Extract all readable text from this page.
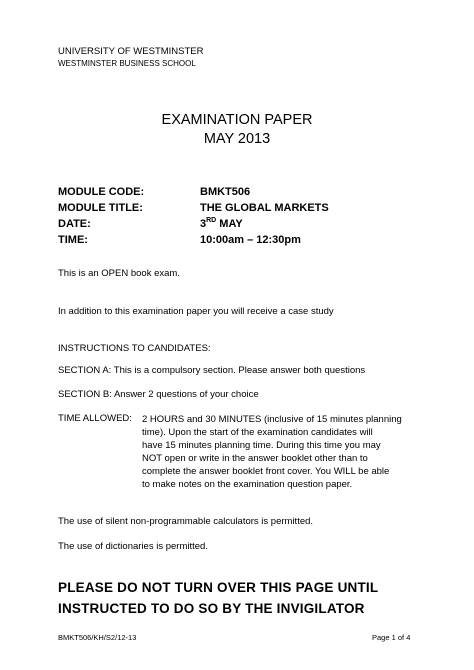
UNIVERSITY OF WESTMINSTER
WESTMINSTER BUSINESS SCHOOL
EXAMINATION PAPER
MAY 2013
MODULE CODE:	BMKT506
MODULE TITLE:	THE GLOBAL MARKETS
DATE:	3RD MAY
TIME:	10:00am – 12:30pm
This is an OPEN book exam.
In addition to this examination paper you will receive a case study
INSTRUCTIONS TO CANDIDATES:
SECTION A: This is a compulsory section. Please answer both questions
SECTION B: Answer 2 questions of your choice
TIME ALLOWED: 2 HOURS and 30 MINUTES (inclusive of 15 minutes planning
time). Upon the start of the examination candidates will
have 15 minutes planning time. During this time you may
NOT open or write in the answer booklet other than to
complete the answer booklet front cover. You WILL be able
to make notes on the examination question paper.
The use of silent non-programmable calculators is permitted.
The use of dictionaries is permitted.
PLEASE DO NOT TURN OVER THIS PAGE UNTIL
INSTRUCTED TO DO SO BY THE INVIGILATOR
BMKT506/KH/S2/12-13	Page 1 of 4
